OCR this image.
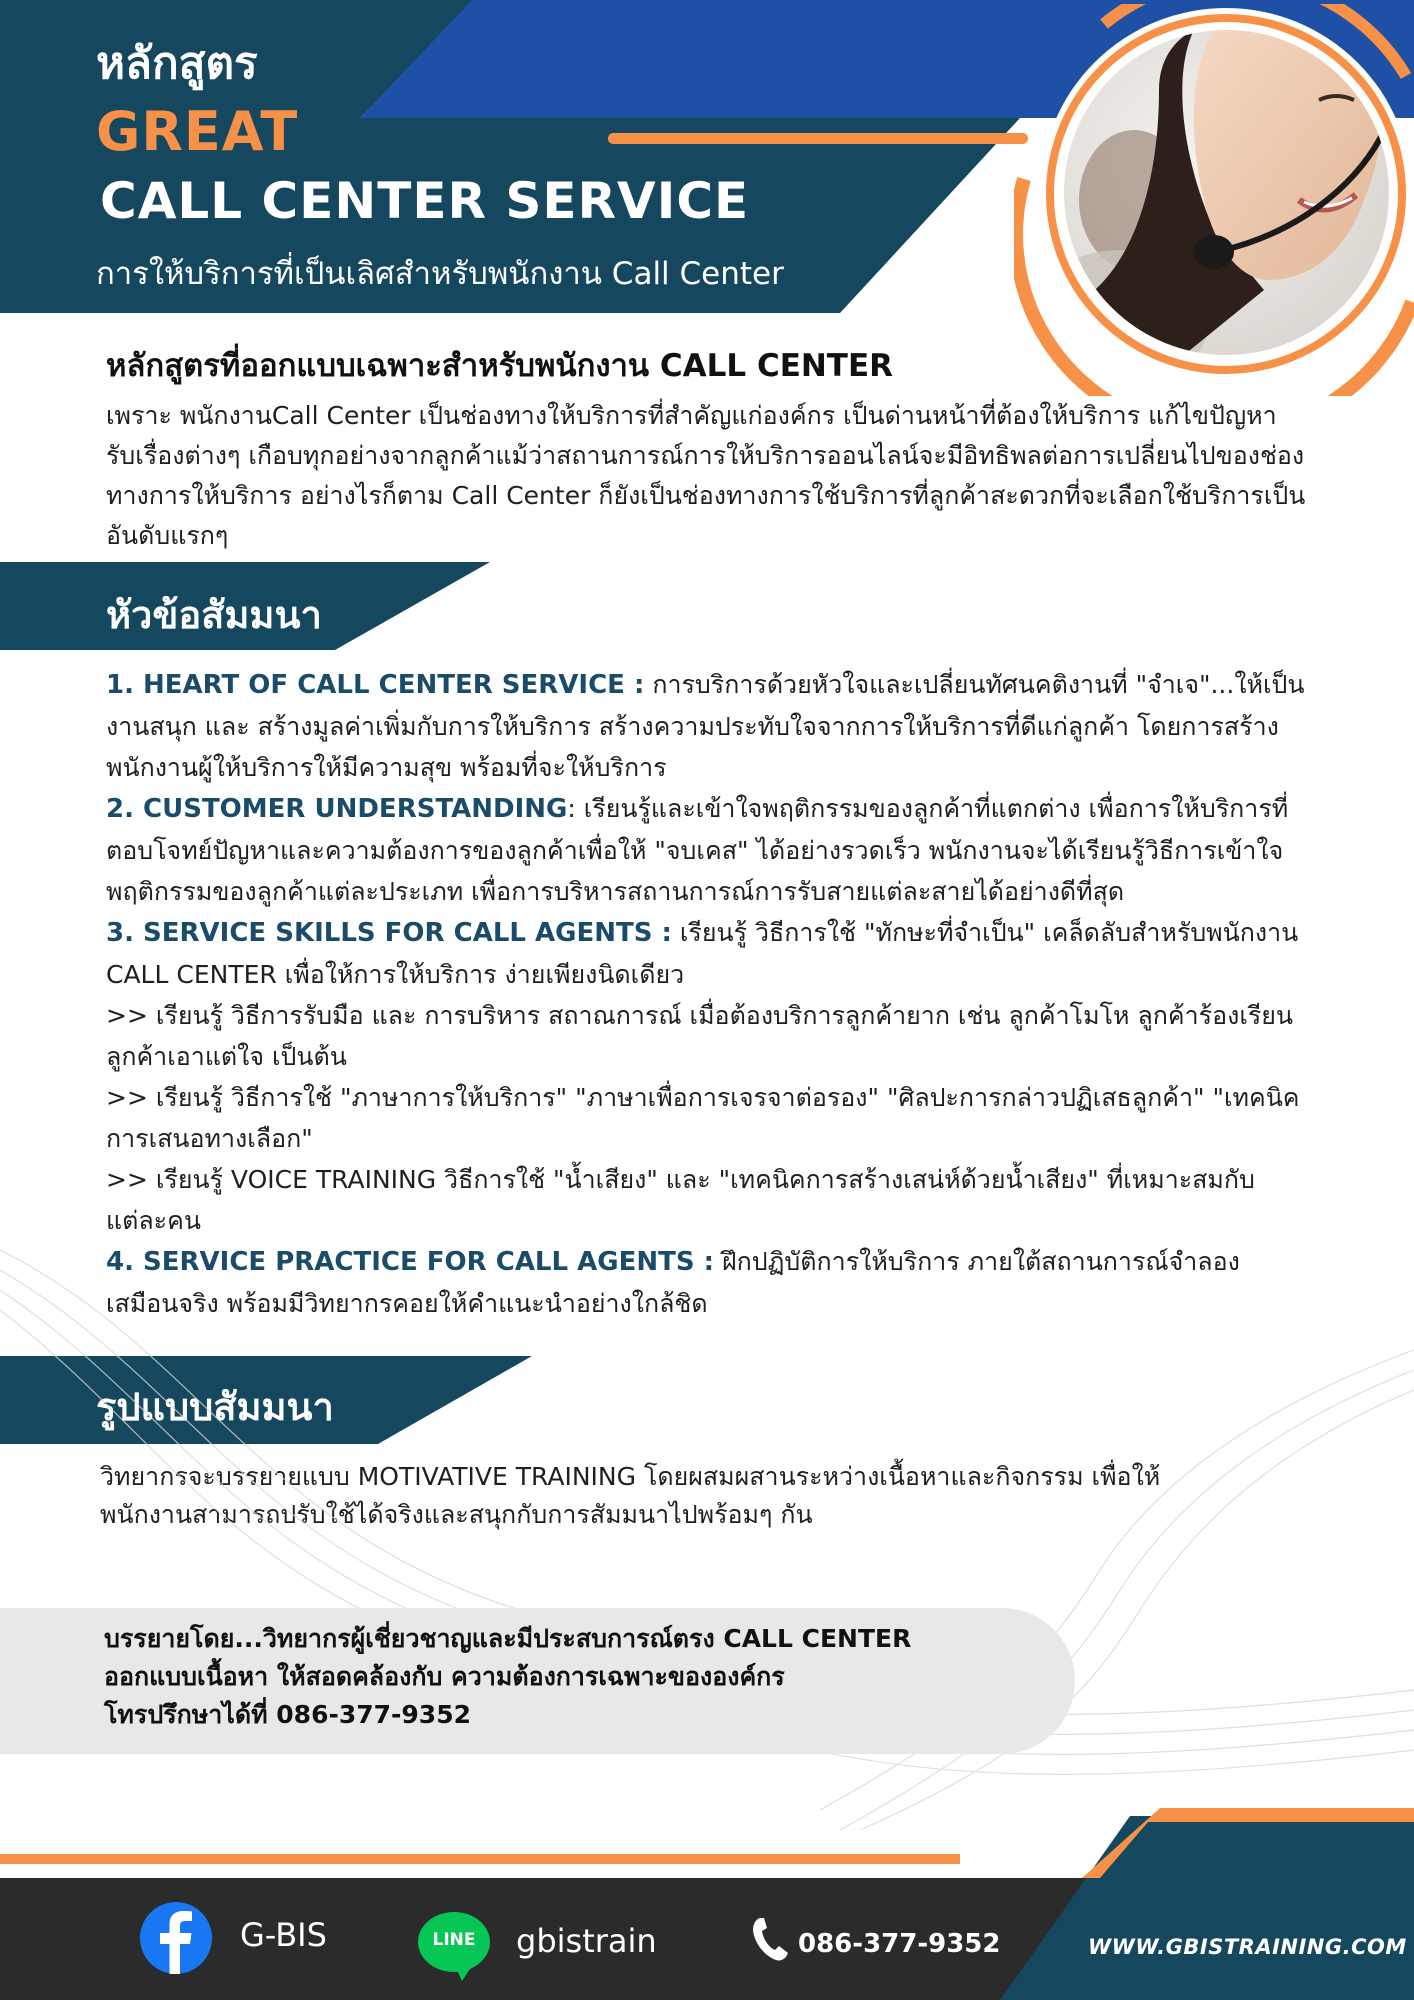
หลักสูตร
GREAT
CALL CENTER SERVICE
การให้บริการที่เป็นเลิศสำหรับพนักงาน Call Center
หลักสูตรที่ออกแบบเฉพาะสำหรับพนักงาน CALL CENTER
เพราะ พนักงานCall Center เป็นช่องทางให้บริการที่สำคัญแก่องค์กร เป็นด่านหน้าที่ต้องให้บริการ แก้ไขปัญหา
รับเรื่องต่างๆ เกือบทุกอย่างจากลูกค้าแม้ว่าสถานการณ์การให้บริการออนไลน์จะมีอิทธิพลต่อการเปลี่ยนไปของช่อง
ทางการให้บริการ อย่างไรก็ตาม Call Center ก็ยังเป็นช่องทางการใช้บริการที่ลูกค้าสะดวกที่จะเลือกใช้บริการเป็น
อันดับแรกๆ
หัวข้อสัมมนา

1. HEART OF CALL CENTER SERVICE : การบริการด้วยหัวใจและเปลี่ยนทัศนคติงานที่ "จำเจ"...ให้เป็น

งานสนุก และ สร้างมูลค่าเพิ่มกับการให้บริการ สร้างความประทับใจจากการให้บริการที่ดีแก่ลูกค้า โดยการสร้าง

พนักงานผู้ให้บริการให้มีความสุข พร้อมที่จะให้บริการ

2. CUSTOMER UNDERSTANDING: เรียนรู้และเข้าใจพฤติกรรมของลูกค้าที่แตกต่าง เพื่อการให้บริการที่

ตอบโจทย์ปัญหาและความต้องการของลูกค้าเพื่อให้ "จบเคส" ได้อย่างรวดเร็ว พนักงานจะได้เรียนรู้วิธีการเข้าใจ

พฤติกรรมของลูกค้าแต่ละประเภท เพื่อการบริหารสถานการณ์การรับสายแต่ละสายได้อย่างดีที่สุด

3. SERVICE SKILLS FOR CALL AGENTS : เรียนรู้ วิธีการใช้ "ทักษะที่จำเป็น" เคล็ดลับสำหรับพนักงาน

CALL CENTER เพื่อให้การให้บริการ ง่ายเพียงนิดเดียว

>> เรียนรู้ วิธีการรับมือ และ การบริหาร สถาณการณ์ เมื่อต้องบริการลูกค้ายาก เช่น ลูกค้าโมโห ลูกค้าร้องเรียน

ลูกค้าเอาแต่ใจ เป็นต้น

>> เรียนรู้ วิธีการใช้ "ภาษาการให้บริการ" "ภาษาเพื่อการเจรจาต่อรอง" "ศิลปะการกล่าวปฏิเสธลูกค้า" "เทคนิค

การเสนอทางเลือก"

>> เรียนรู้ VOICE TRAINING วิธีการใช้ "น้ำเสียง" และ "เทคนิคการสร้างเสน่ห์ด้วยน้ำเสียง" ที่เหมาะสมกับ

แต่ละคน

4. SERVICE PRACTICE FOR CALL AGENTS : ฝึกปฏิบัติการให้บริการ ภายใต้สถานการณ์จำลอง

เสมือนจริง พร้อมมีวิทยากรคอยให้คำแนะนำอย่างใกล้ชิด

รูปแบบสัมมนา
วิทยากรจะบรรยายแบบ MOTIVATIVE TRAINING โดยผสมผสานระหว่างเนื้อหาและกิจกรรม เพื่อให้
พนักงานสามารถปรับใช้ได้จริงและสนุกกับการสัมมนาไปพร้อมๆ กัน
บรรยายโดย...วิทยากรผู้เชี่ยวชาญและมีประสบการณ์ตรง CALL CENTER
ออกแบบเนื้อหา ให้สอดคล้องกับ ความต้องการเฉพาะขององค์กร
โทรปรึกษาได้ที่ 086-377-9352
G-BIS	LINE	gbistrain	086-377-9352	WWW.GBISTRAINING.COM
